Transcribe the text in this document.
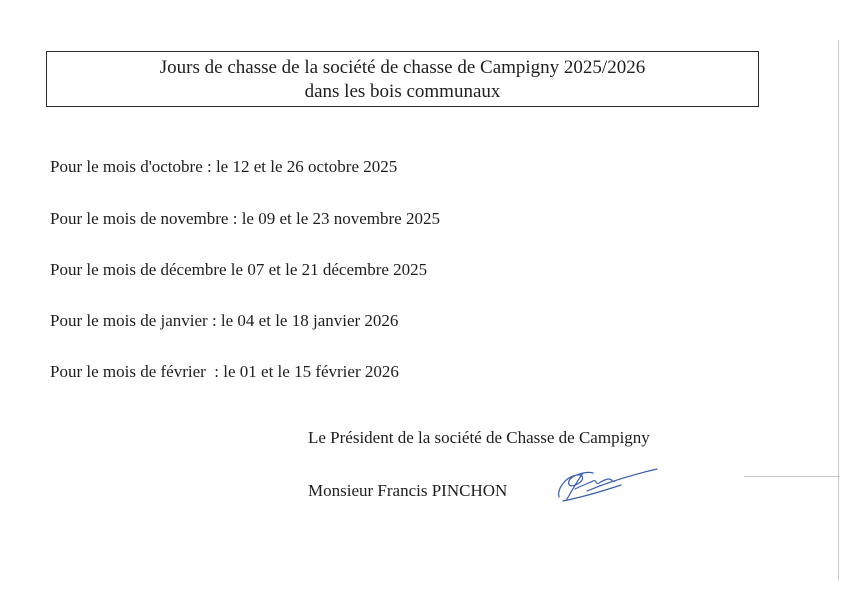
Jours de chasse de la société de chasse de Campigny 2025/2026
dans les bois communaux
Pour le mois d'octobre : le 12 et le 26 octobre 2025
Pour le mois de novembre : le 09 et le 23 novembre 2025
Pour le mois de décembre le 07 et le 21 décembre 2025
Pour le mois de janvier : le 04 et le 18 janvier 2026
Pour le mois de février  : le 01 et le 15 février 2026
Le Président de la société de Chasse de Campigny
Monsieur Francis PINCHON
